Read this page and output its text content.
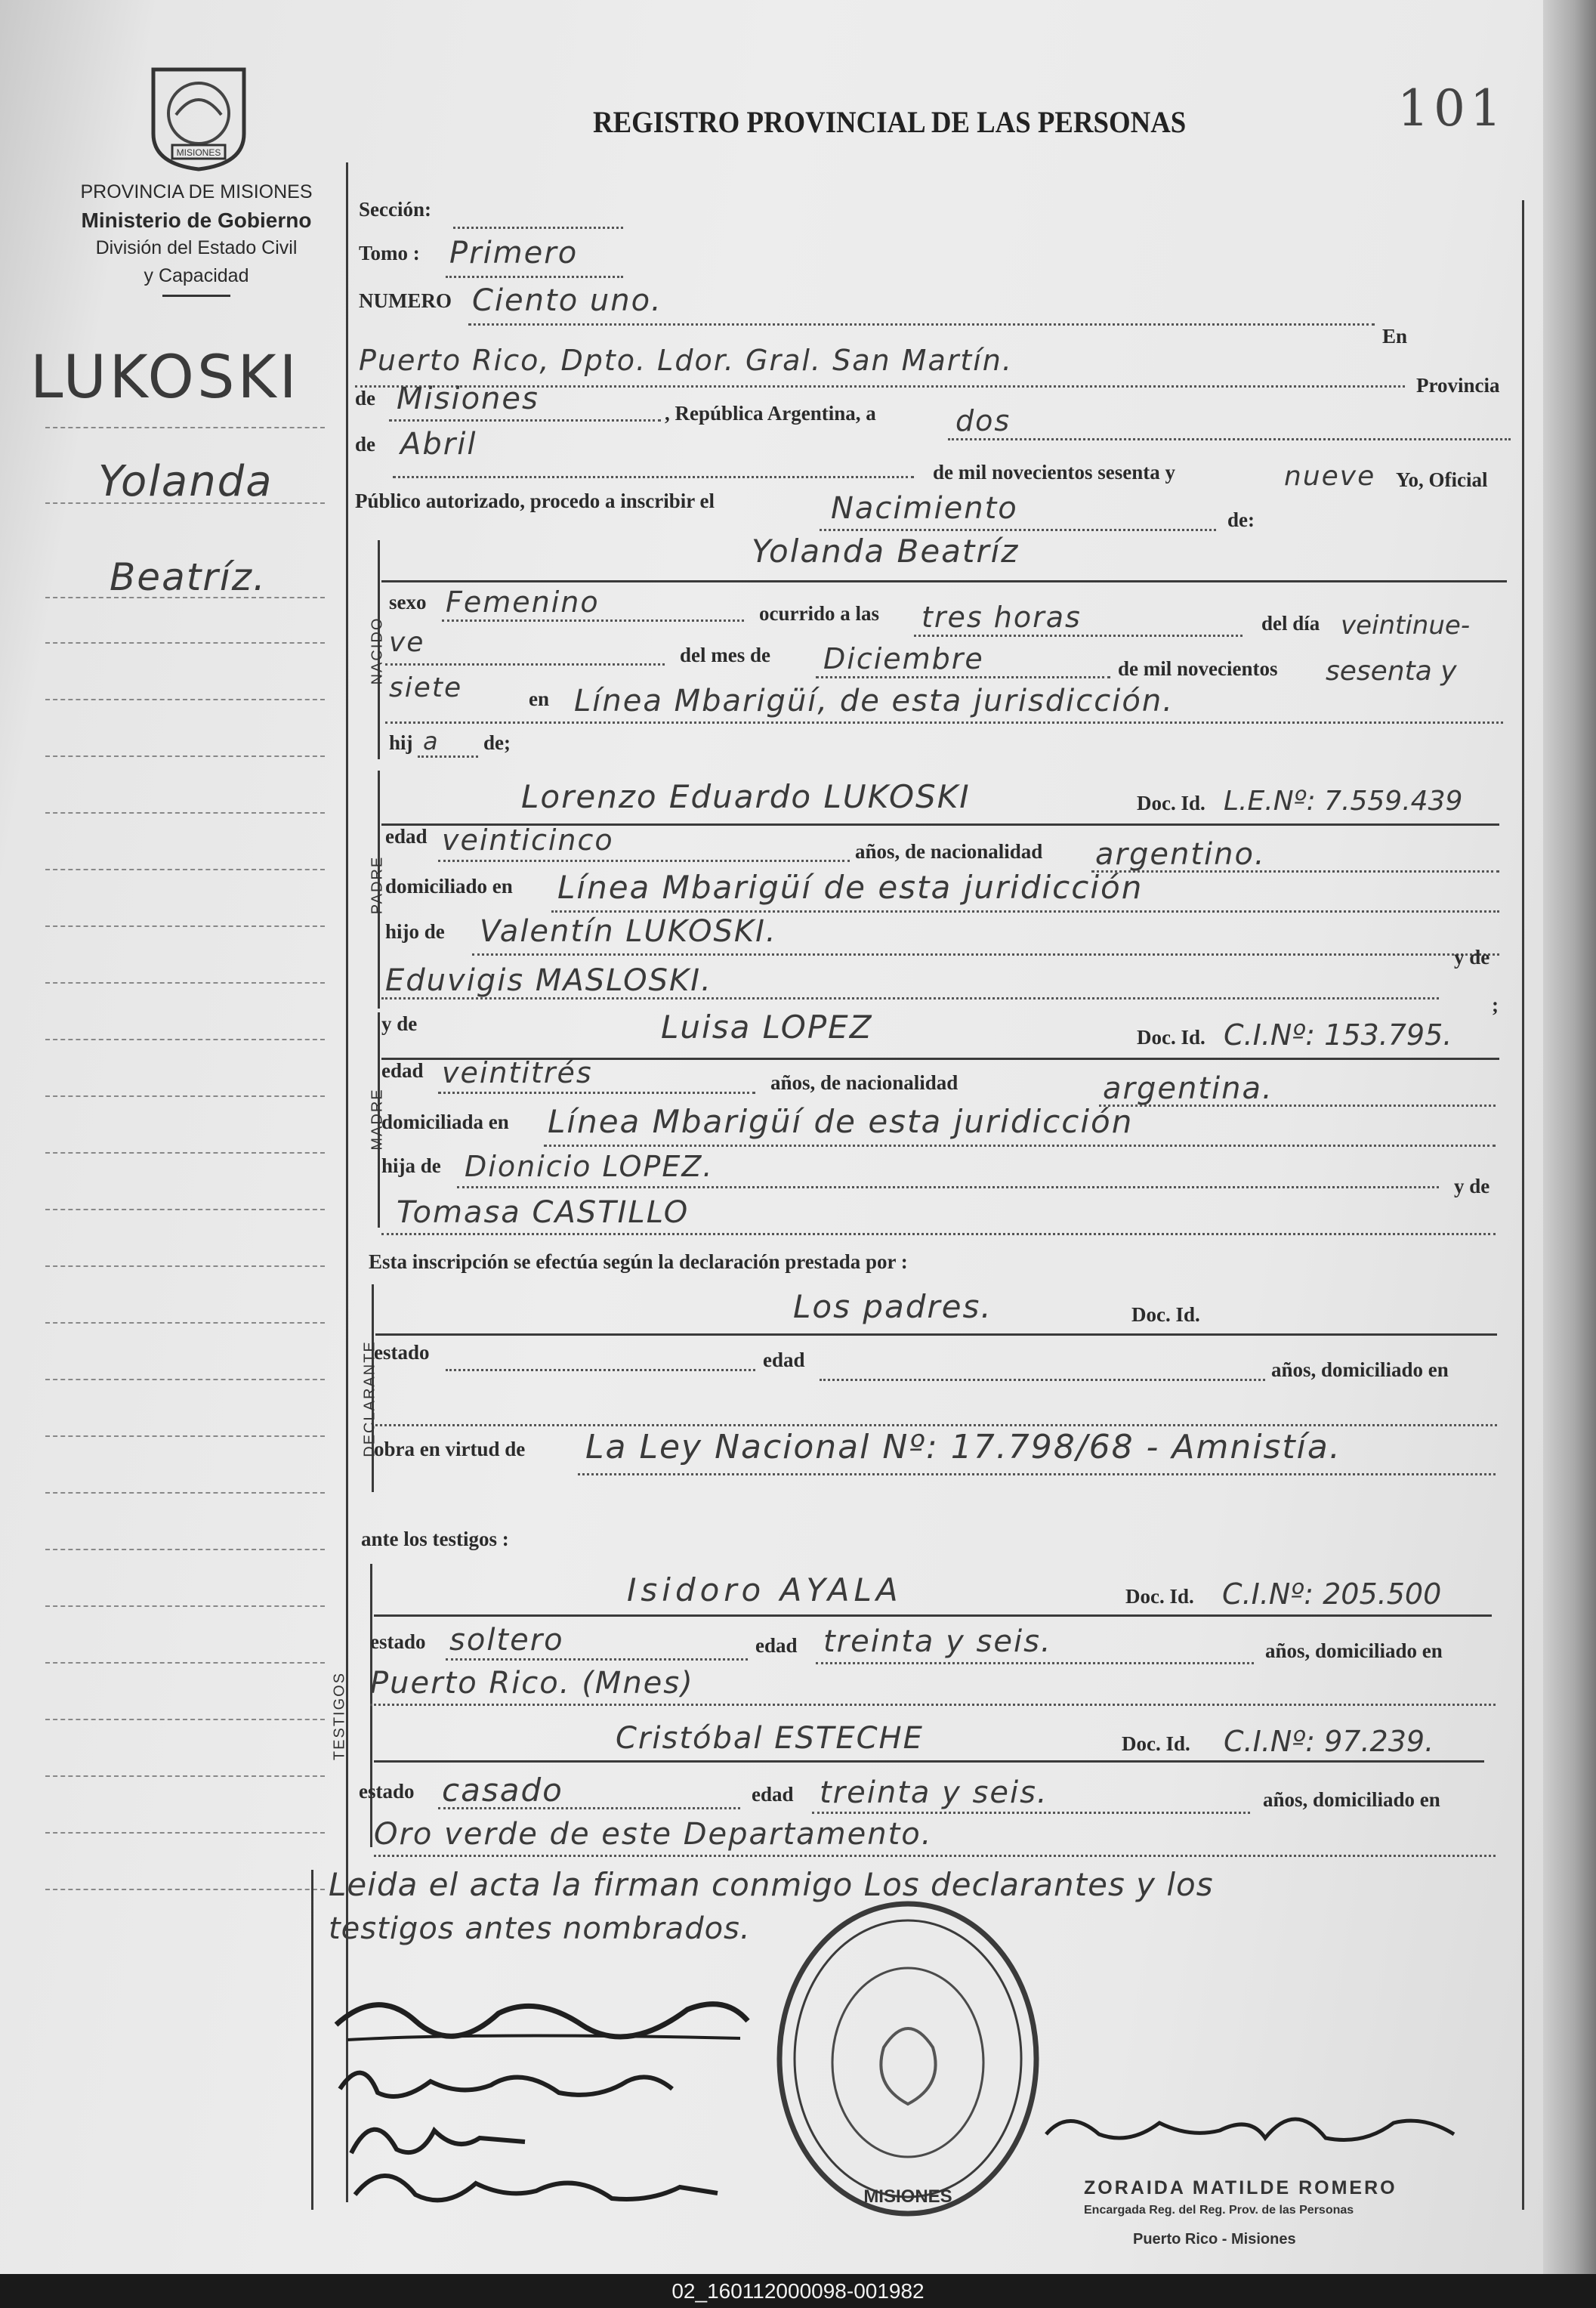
MISIONES
PROVINCIA DE MISIONES
Ministerio de Gobierno
División del Estado Civil
y Capacidad
REGISTRO PROVINCIAL DE LAS PERSONAS	101
LUKOSKI
Yolanda
Beatríz.
Sección:
Tomo : Primero
NUMERO Ciento uno.
En
Puerto Rico, Dpto. Ldor. Gral. San Martín.
Provincia
de Misiones	, República Argentina, a	dos
de Abril
de mil novecientos sesenta y	nueve Yo, Oficial
Público autorizado, procedo a inscribir el	Nacimiento	de:
NACIDO
Yolanda Beatríz
sexo Femenino	ocurrido a las tres horas	del día veintinue-
ve	del mes de Diciembre	de mil novecientos sesenta y
siete	en Línea Mbarigüí, de esta jurisdicción.
hij a de;
PADRE
Lorenzo Eduardo LUKOSKI	Doc. Id. L.E.Nº: 7.559.439
edad veinticinco	años, de nacionalidad argentino.
domiciliado en Línea Mbarigüí de esta juridicción
hijo de Valentín LUKOSKI.
Eduvigis MASLOSKI.
y de
;
MADRE
y de	Luisa LOPEZ	Doc. Id. C.I.Nº: 153.795.
edad veintitrés	años, de nacionalidad	argentina.
domiciliada en Línea Mbarigüí de esta juridicción
hija de Dionicio LOPEZ.
y de
Tomasa CASTILLO
Esta inscripción se efectúa según la declaración prestada por :
DECLARANTE
Los padres.	Doc. Id.
estado	edad	años, domiciliado en
obra en virtud de La Ley Nacional Nº: 17.798/68 - Amnistía.
ante los testigos :
TESTIGOS
Isidoro AYALA	Doc. Id. C.I.Nº: 205.500
estado soltero	edad treinta y seis.	años, domiciliado en
Puerto Rico. (Mnes)
Cristóbal ESTECHE	Doc. Id. C.I.Nº: 97.239.
estado casado	edad treinta y seis.	años, domiciliado en
Oro verde de este Departamento.
Leida el acta la firman conmigo Los declarantes y los
testigos antes nombrados.
MISIONES	ZORAIDA MATILDE ROMERO
Encargada Reg. del Reg. Prov. de las Personas
Puerto Rico - Misiones
02_160112000098-001982
